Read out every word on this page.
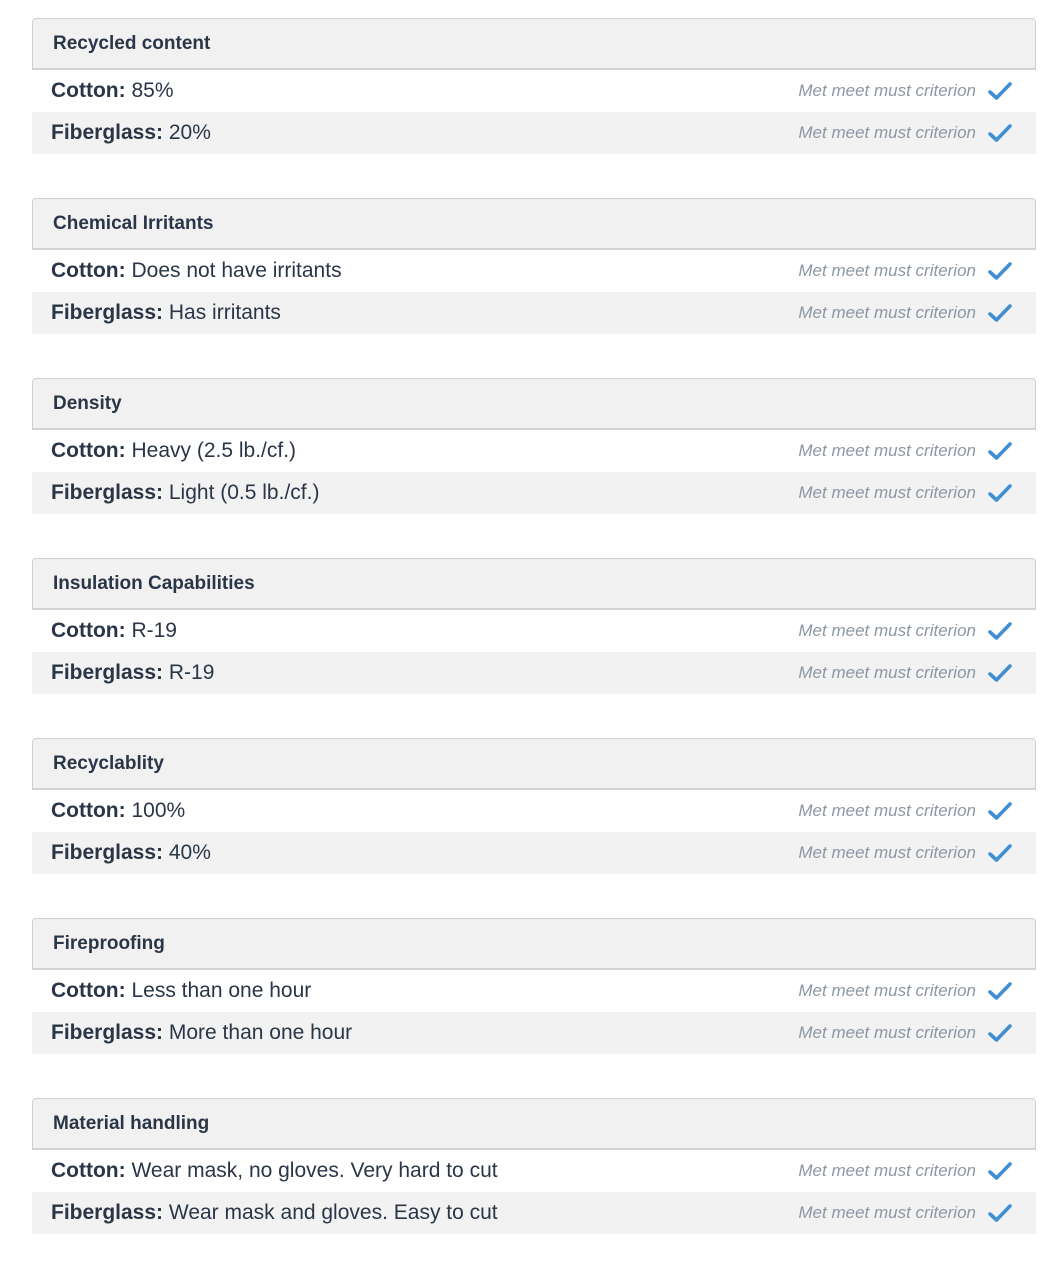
Recycled content
Cotton: 85%	Met meet must criterion
Fiberglass: 20%	Met meet must criterion
Chemical Irritants
Cotton: Does not have irritants	Met meet must criterion
Fiberglass: Has irritants	Met meet must criterion
Density
Cotton: Heavy (2.5 lb./cf.)	Met meet must criterion
Fiberglass: Light (0.5 lb./cf.)	Met meet must criterion
Insulation Capabilities
Cotton: R-19	Met meet must criterion
Fiberglass: R-19	Met meet must criterion
Recyclablity
Cotton: 100%	Met meet must criterion
Fiberglass: 40%	Met meet must criterion
Fireproofing
Cotton: Less than one hour	Met meet must criterion
Fiberglass: More than one hour	Met meet must criterion
Material handling
Cotton: Wear mask, no gloves. Very hard to cut	Met meet must criterion
Fiberglass: Wear mask and gloves. Easy to cut	Met meet must criterion
